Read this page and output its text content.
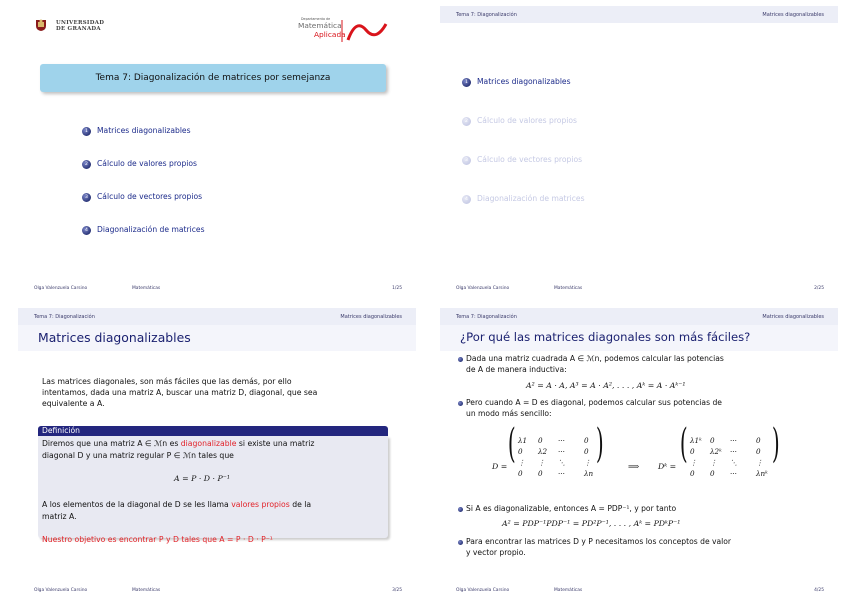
UNIVERSIDAD
DE GRANADA
Departamento de
Matemática
Aplicada
Tema 7: Diagonalización de matrices por semejanza
1 Matrices diagonalizables
2 Cálculo de valores propios
3 Cálculo de vectores propios
4 Diagonalización de matrices
Olga Valenzuela Carsino	Matemáticas	1/25
Tema 7: Diagonalización	Matrices diagonalizables
1 Matrices diagonalizables
2 Cálculo de valores propios
3 Cálculo de vectores propios
4 Diagonalización de matrices
Olga Valenzuela Carsino	Matemáticas	2/25
Tema 7: Diagonalización	Matrices diagonalizables
Matrices diagonalizables
Las matrices diagonales, son más fáciles que las demás, por ello
intentamos, dada una matriz A, buscar una matriz D, diagonal, que sea
equivalente a A.
Definición
Diremos que una matriz A ∈ ℳn es diagonalizable si existe una matriz
diagonal D y una matriz regular P ∈ ℳn tales que
A = P · D · P⁻¹
A los elementos de la diagonal de D se les llama valores propios de la
matriz A.
Nuestro objetivo es encontrar P y D tales que A = P · D · P⁻¹
Olga Valenzuela Carsino	Matemáticas	3/25
Tema 7: Diagonalización	Matrices diagonalizables
¿Por qué las matrices diagonales son más fáciles?
Dada una matriz cuadrada A ∈ ℳn, podemos calcular las potencias
de A de manera inductiva:
A² = A · A, A³ = A · A², . . . , Aᵏ = A · Aᵏ⁻¹
Pero cuando A = D es diagonal, podemos calcular sus potencias de
un modo más sencillo:
D = ( )
λ1 0 ···	0
0 λ2 ···	0
⋮ ⋮ ⋱	⋮
0 0 ···	λn
⟹ Dᵏ = ( )
λ1ᵏ 0 ···	0
0 λ2ᵏ ···	0
⋮ ⋮ ⋱	⋮
0 0 ···	λnᵏ
Si A es diagonalizable, entonces A = PDP⁻¹, y por tanto
A² = PDP⁻¹PDP⁻¹ = PD²P⁻¹, . . . , Aᵏ = PDᵏP⁻¹
Para encontrar las matrices D y P necesitamos los conceptos de valor
y vector propio.
Olga Valenzuela Carsino	Matemáticas	4/25
